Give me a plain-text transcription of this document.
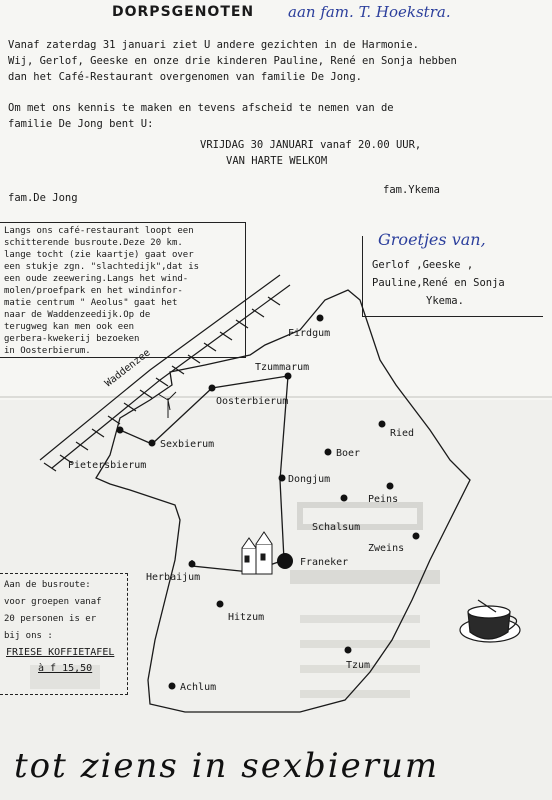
DORPSGENOTEN aan fam. T. Hoekstra.
Vanaf zaterdag 31 januari ziet U andere gezichten in de Harmonie.
Wij, Gerlof, Geeske en onze drie kinderen Pauline, René en Sonja hebben
dan het Café-Restaurant overgenomen van familie De Jong.
Om met ons kennis te maken en tevens afscheid te nemen van de
familie De Jong bent U:
VRIJDAG 30 JANUARI vanaf 20.00 UUR,
VAN HARTE WELKOM
fam.De Jong
fam.Ykema
Langs ons café-restaurant loopt een
schitterende busroute.Deze 20 km.
lange tocht (zie kaartje) gaat over
een stukje zgn. "slachtedijk",dat is
een oude zeewering.Langs het wind-
molen/proefpark en het windinfor-
matie centrum " Aeolus" gaat het
naar de Waddenzeedijk.Op de
terugweg kan men ook een
gerbera-kwekerij bezoeken
in Oosterbierum.
Groetjes van,
Gerlof ,Geeske ,
Pauline,René en Sonja
Ykema.
Waddenzee
Firdgum
Tzummarum
Oosterbierum
Sexbierum
Pietersbierum
Ried
Boer
Dongjum
Peins
Schalsum
Zweins
Franeker
Herbaijum
Hitzum
Tzum
Achlum
Aan de busroute:
voor groepen vanaf
20 personen is er
bij ons :
FRIESE KOFFIETAFEL
à f 15,50
tot ziens in sexbierum
